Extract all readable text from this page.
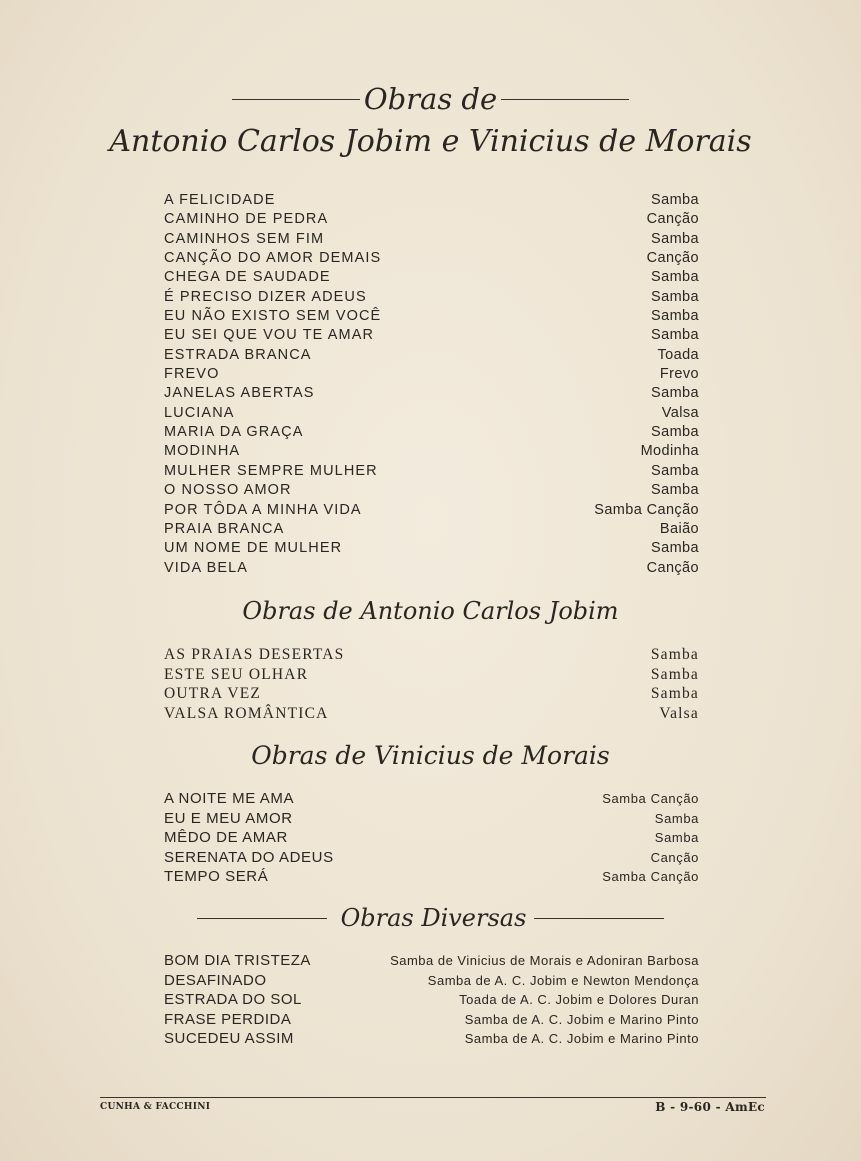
Obras de
Antonio Carlos Jobim e Vinicius de Morais
A FELICIDADE	Samba
CAMINHO DE PEDRA	Canção
CAMINHOS SEM FIM	Samba
CANÇÃO DO AMOR DEMAIS	Canção
CHEGA DE SAUDADE	Samba
É PRECISO DIZER ADEUS	Samba
EU NÃO EXISTO SEM VOCÊ	Samba
EU SEI QUE VOU TE AMAR	Samba
ESTRADA BRANCA	Toada
FREVO	Frevo
JANELAS ABERTAS	Samba
LUCIANA	Valsa
MARIA DA GRAÇA	Samba
MODINHA	Modinha
MULHER SEMPRE MULHER	Samba
O NOSSO AMOR	Samba
POR TÔDA A MINHA VIDA	Samba Canção
PRAIA BRANCA	Baião
UM NOME DE MULHER	Samba
VIDA BELA	Canção
Obras de Antonio Carlos Jobim
AS PRAIAS DESERTAS	Samba
ESTE SEU OLHAR	Samba
OUTRA VEZ	Samba
VALSA ROMÂNTICA	Valsa
Obras de Vinicius de Morais
A NOITE ME AMA	Samba Canção
EU E MEU AMOR	Samba
MÊDO DE AMAR	Samba
SERENATA DO ADEUS	Canção
TEMPO SERÁ	Samba Canção
Obras Diversas
BOM DIA TRISTEZA	Samba de Vinicius de Morais e Adoniran Barbosa
DESAFINADO	Samba de A. C. Jobim e Newton Mendonça
ESTRADA DO SOL	Toada de A. C. Jobim e Dolores Duran
FRASE PERDIDA	Samba de A. C. Jobim e Marino Pinto
SUCEDEU ASSIM	Samba de A. C. Jobim e Marino Pinto
CUNHA & FACCHINI	B - 9-60 - AmEc
